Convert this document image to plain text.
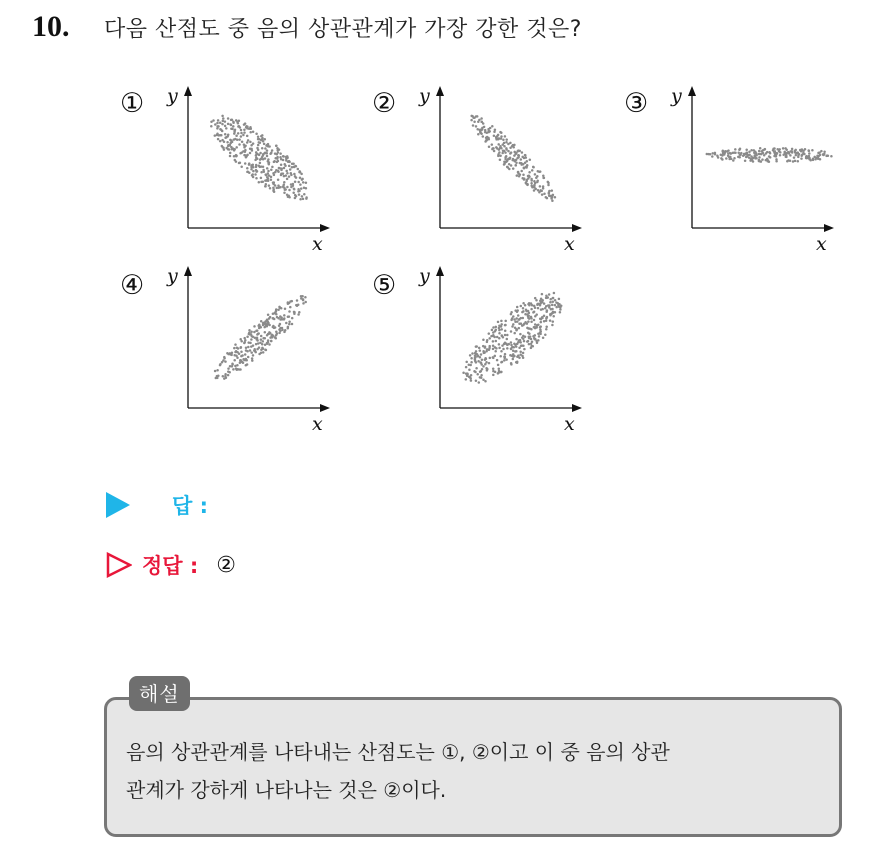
10. 다음 산점도 중 음의 상관관계가 가장 강한 것은?
①
x
y	②
x
y	③
x
y
④
x
y	⑤
x
y
답 :
정답 : ②
해설
음의 상관관계를 나타내는 산점도는 ①, ②이고 이 중 음의 상관
관계가 강하게 나타나는 것은 ②이다.
